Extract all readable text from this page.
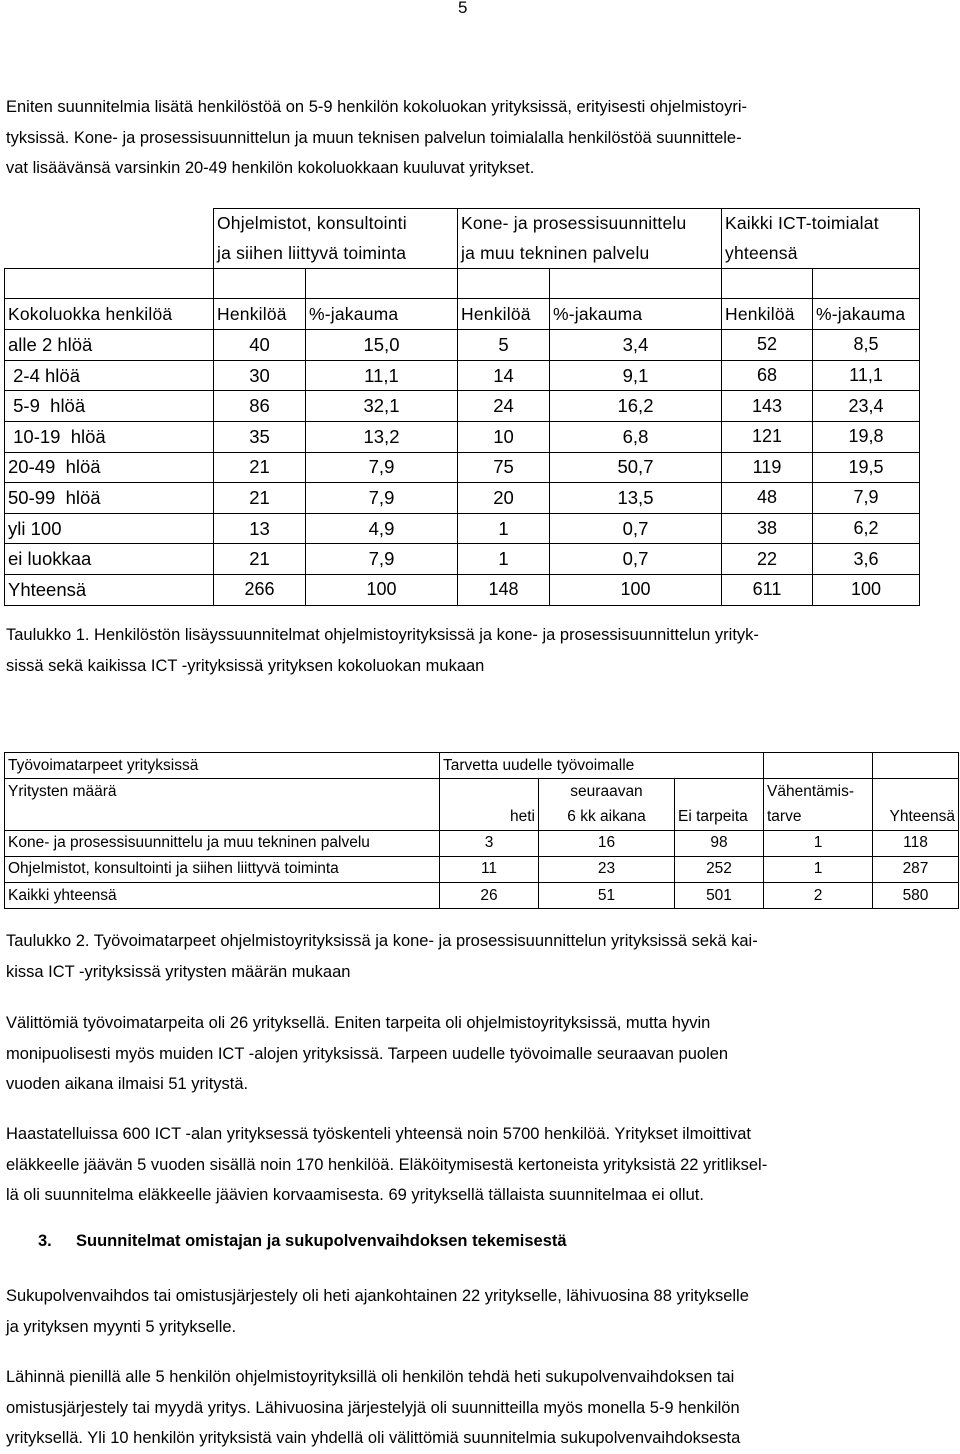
5
Eniten suunnitelmia lisätä henkilöstöä on 5-9 henkilön kokoluokan yrityksissä, erityisesti ohjelmistoyri-
tyksissä. Kone- ja prosessisuunnittelun ja muun teknisen palvelun toimialalla henkilöstöä suunnittele-
vat lisäävänsä varsinkin 20-49 henkilön kokoluokkaan kuuluvat yritykset.
	Ohjelmistot, konsultointi		Kone- ja prosessisuunnittelu		Kaikki ICT-toimialat	
	ja siihen liittyvä toiminta		ja muu tekninen palvelu		yhteensä	

Kokoluokka henkilöä	Henkilöä	%-jakauma	Henkilöä	%-jakauma	Henkilöä	%-jakauma
alle 2 hlöä	40	15,0	5	3,4	52	8,5
2-4 hlöä	30	11,1	14	9,1	68	11,1
5-9  hlöä	86	32,1	24	16,2	143	23,4
10-19  hlöä	35	13,2	10	6,8	121	19,8
20-49  hlöä	21	7,9	75	50,7	119	19,5
50-99  hlöä	21	7,9	20	13,5	48	7,9
yli 100	13	4,9	1	0,7	38	6,2
ei luokkaa	21	7,9	1	0,7	22	3,6
Yhteensä	266	100	148	100	611	100
Taulukko 1. Henkilöstön lisäyssuunnitelmat ohjelmistoyrityksissä ja kone- ja prosessisuunnittelun yrityk-
sissä sekä kaikissa ICT -yrityksissä yrityksen kokoluokan mukaan
Työvoimatarpeet yrityksissä	Tarvetta uudelle työvoimalle				
Yritysten määrä		seuraavan		Vähentämis-	
	heti	6 kk aikana	Ei tarpeita	tarve	Yhteensä
Kone- ja prosessisuunnittelu ja muu tekninen palvelu	3	16	98	1	118
Ohjelmistot, konsultointi ja siihen liittyvä toiminta	11	23	252	1	287
Kaikki yhteensä	26	51	501	2	580
Taulukko 2. Työvoimatarpeet ohjelmistoyrityksissä ja kone- ja prosessisuunnittelun yrityksissä sekä kai-
kissa ICT -yrityksissä yritysten määrän mukaan
Välittömiä työvoimatarpeita oli 26 yrityksellä. Eniten tarpeita oli ohjelmistoyrityksissä, mutta hyvin
monipuolisesti myös muiden ICT -alojen yrityksissä. Tarpeen uudelle työvoimalle seuraavan puolen
vuoden aikana ilmaisi 51 yritystä.
Haastatelluissa 600 ICT -alan yrityksessä työskenteli yhteensä noin 5700 henkilöä. Yritykset ilmoittivat
eläkkeelle jäävän 5 vuoden sisällä noin 170 henkilöä. Eläköitymisestä kertoneista yrityksistä 22 yritliksel-
lä oli suunnitelma eläkkeelle jäävien korvaamisesta. 69 yrityksellä tällaista suunnitelmaa ei ollut.
3. Suunnitelmat omistajan ja sukupolvenvaihdoksen tekemisestä
Sukupolvenvaihdos tai omistusjärjestely oli heti ajankohtainen 22 yritykselle, lähivuosina 88 yritykselle
ja yrityksen myynti 5 yritykselle.
Lähinnä pienillä alle 5 henkilön ohjelmistoyrityksillä oli henkilön tehdä heti sukupolvenvaihdoksen tai
omistusjärjestely tai myydä yritys. Lähivuosina järjestelyjä oli suunnitteilla myös monella 5-9 henkilön
yrityksellä. Yli 10 henkilön yrityksistä vain yhdellä oli välittömiä suunnitelmia sukupolvenvaihdoksesta
